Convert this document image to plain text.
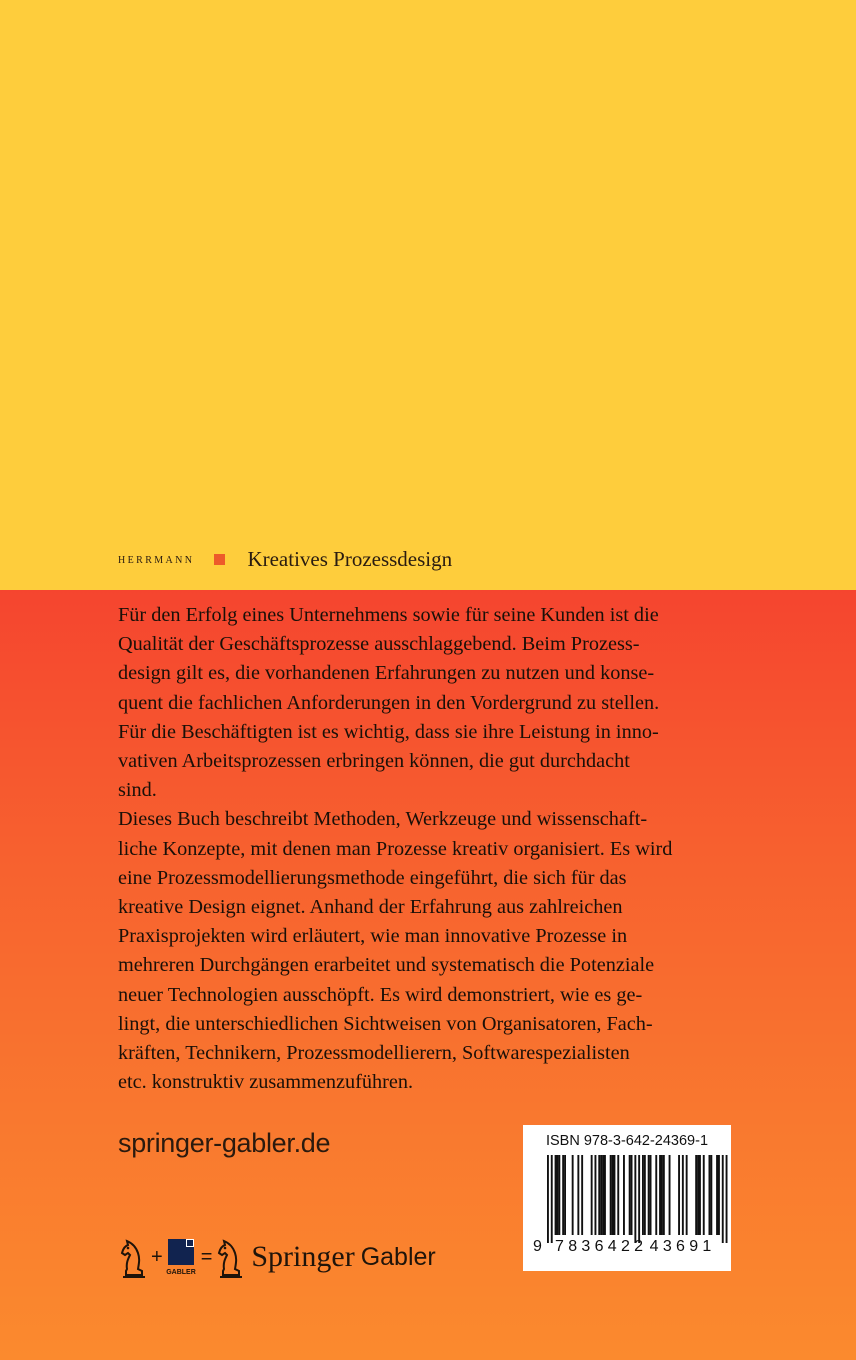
herrmann	Kreatives Prozessdesign
Für den Erfolg eines Unternehmens sowie für seine Kunden ist die
Qualität der Geschäftsprozesse ausschlaggebend. Beim Prozess-
design gilt es, die vorhandenen Erfahrungen zu nutzen und konse-
quent die fachlichen Anforderungen in den Vordergrund zu stellen.
Für die Beschäftigten ist es wichtig, dass sie ihre Leistung in inno-
vativen Arbeitsprozessen erbringen können, die gut durchdacht
sind.
Dieses Buch beschreibt Methoden, Werkzeuge und wissenschaft-
liche Konzepte, mit denen man Prozesse kreativ organisiert. Es wird
eine Prozessmodellierungsmethode eingeführt, die sich für das
kreative Design eignet. Anhand der Erfahrung aus zahlreichen
Praxisprojekten wird erläutert, wie man innovative Prozesse in
mehreren Durchgängen erarbeitet und systematisch die Potenziale
neuer Technologien ausschöpft. Es wird demonstriert, wie es ge-
lingt, die unterschiedlichen Sichtweisen von Organisatoren, Fach-
kräften, Technikern, Prozessmodellierern, Softwarespezialisten
etc. konstruktiv zusammenzuführen.
springer-gabler.de
+
GABLER
= Springer Gabler
ISBN 978-3-642-24369-1
9 7 8 3 6 4 2 2 4 3 6 9 1
